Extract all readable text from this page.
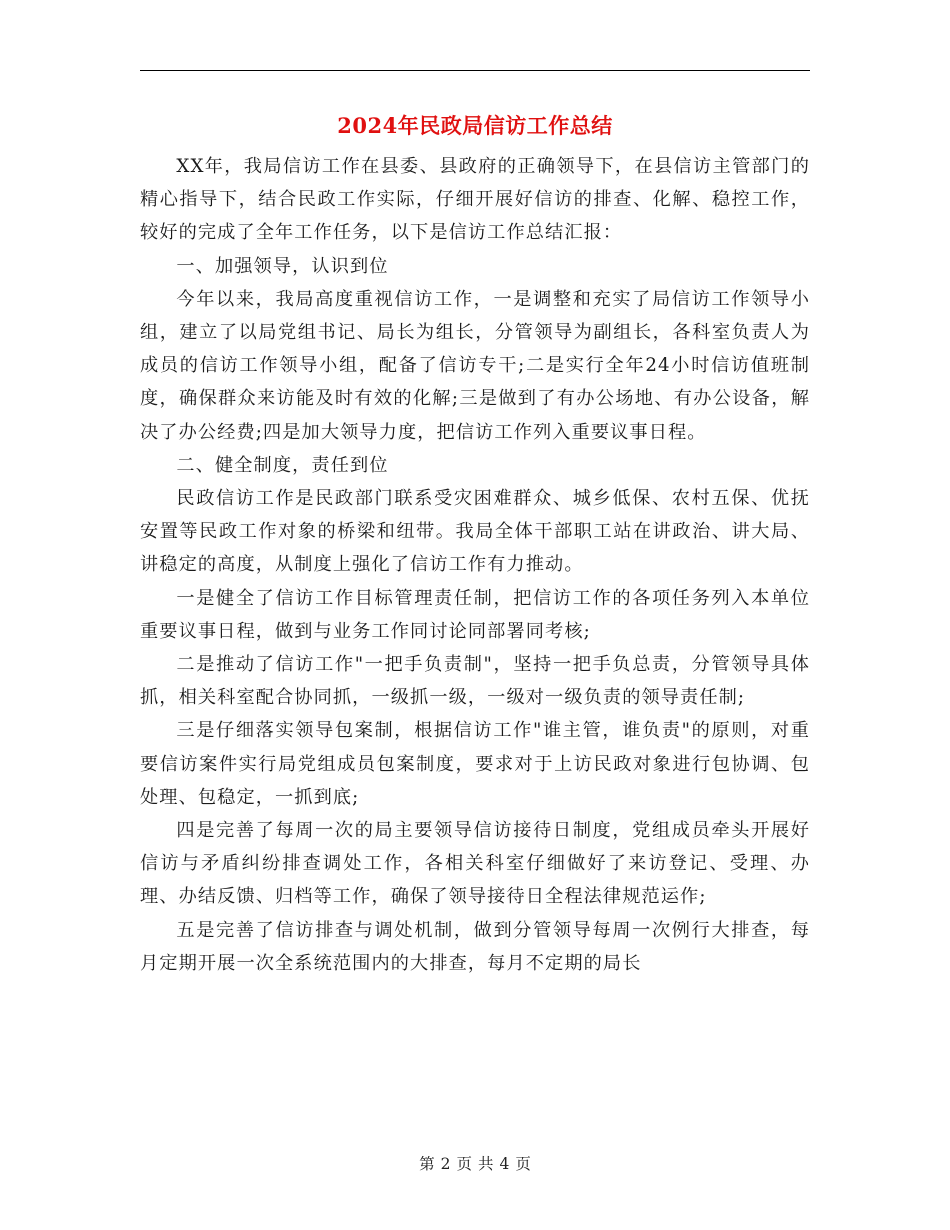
2024年民政局信访工作总结

XX年，我局信访工作在县委、县政府的正确领导下，在县信访主管部门的精心指导下，结合民政工作实际，仔细开展好信访的排查、化解、稳控工作，较好的完成了全年工作任务，以下是信访工作总结汇报：

一、加强领导，认识到位

今年以来，我局高度重视信访工作，一是调整和充实了局信访工作领导小组，建立了以局党组书记、局长为组长，分管领导为副组长，各科室负责人为成员的信访工作领导小组，配备了信访专干;二是实行全年24小时信访值班制度，确保群众来访能及时有效的化解;三是做到了有办公场地、有办公设备，解决了办公经费;四是加大领导力度，把信访工作列入重要议事日程。

二、健全制度，责任到位

民政信访工作是民政部门联系受灾困难群众、城乡低保、农村五保、优抚安置等民政工作对象的桥梁和纽带。我局全体干部职工站在讲政治、讲大局、讲稳定的高度，从制度上强化了信访工作有力推动。

一是健全了信访工作目标管理责任制，把信访工作的各项任务列入本单位重要议事日程，做到与业务工作同讨论同部署同考核;

二是推动了信访工作"一把手负责制"，坚持一把手负总责，分管领导具体抓，相关科室配合协同抓，一级抓一级，一级对一级负责的领导责任制;

三是仔细落实领导包案制，根据信访工作"谁主管，谁负责"的原则，对重要信访案件实行局党组成员包案制度，要求对于上访民政对象进行包协调、包处理、包稳定，一抓到底;

四是完善了每周一次的局主要领导信访接待日制度，党组成员牵头开展好信访与矛盾纠纷排查调处工作，各相关科室仔细做好了来访登记、受理、办理、办结反馈、归档等工作，确保了领导接待日全程法律规范运作;

五是完善了信访排查与调处机制，做到分管领导每周一次例行大排查，每月定期开展一次全系统范围内的大排查，每月不定期的局长

第 2 页 共 4 页
